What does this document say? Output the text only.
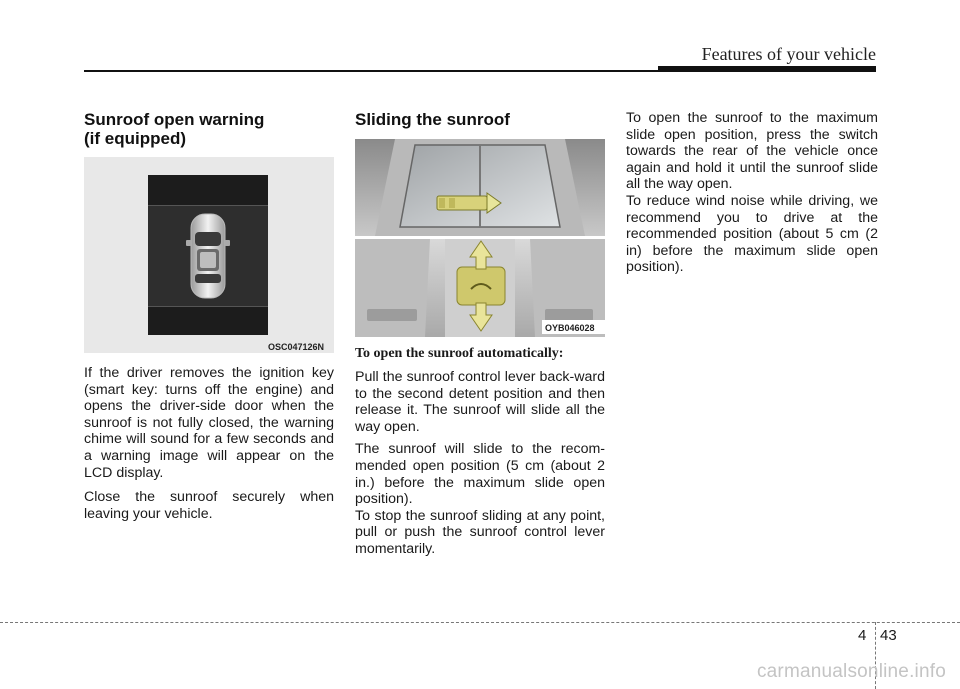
Features of your vehicle
Sunroof open warning
(if equipped)
OSC047126N

If the driver removes the ignition key (smart key: turns off the engine) and opens the driver-side door when the sunroof is not fully closed, the warning chime will sound for a few seconds and a warning image will appear on the LCD display.

Close the sunroof securely when leaving your vehicle.

Sliding the sunroof
OYB046028

To open the sunroof automatically:

Pull the sunroof control lever back-ward to the second detent position and then release it. The sunroof will slide all the way open.

The sunroof will slide to the recom-mended open position (5 cm (about 2 in.) before the maximum slide open position).

To stop the sunroof sliding at any point, pull or push the sunroof control lever momentarily.

To open the sunroof to the maximum slide open position, press the switch towards the rear of the vehicle once again and hold it until the sunroof slide all the way open.

To reduce wind noise while driving, we recommend you to drive at the recommended position (about 5 cm (2 in) before the maximum slide open position).

4 43
carmanualsonline.info
